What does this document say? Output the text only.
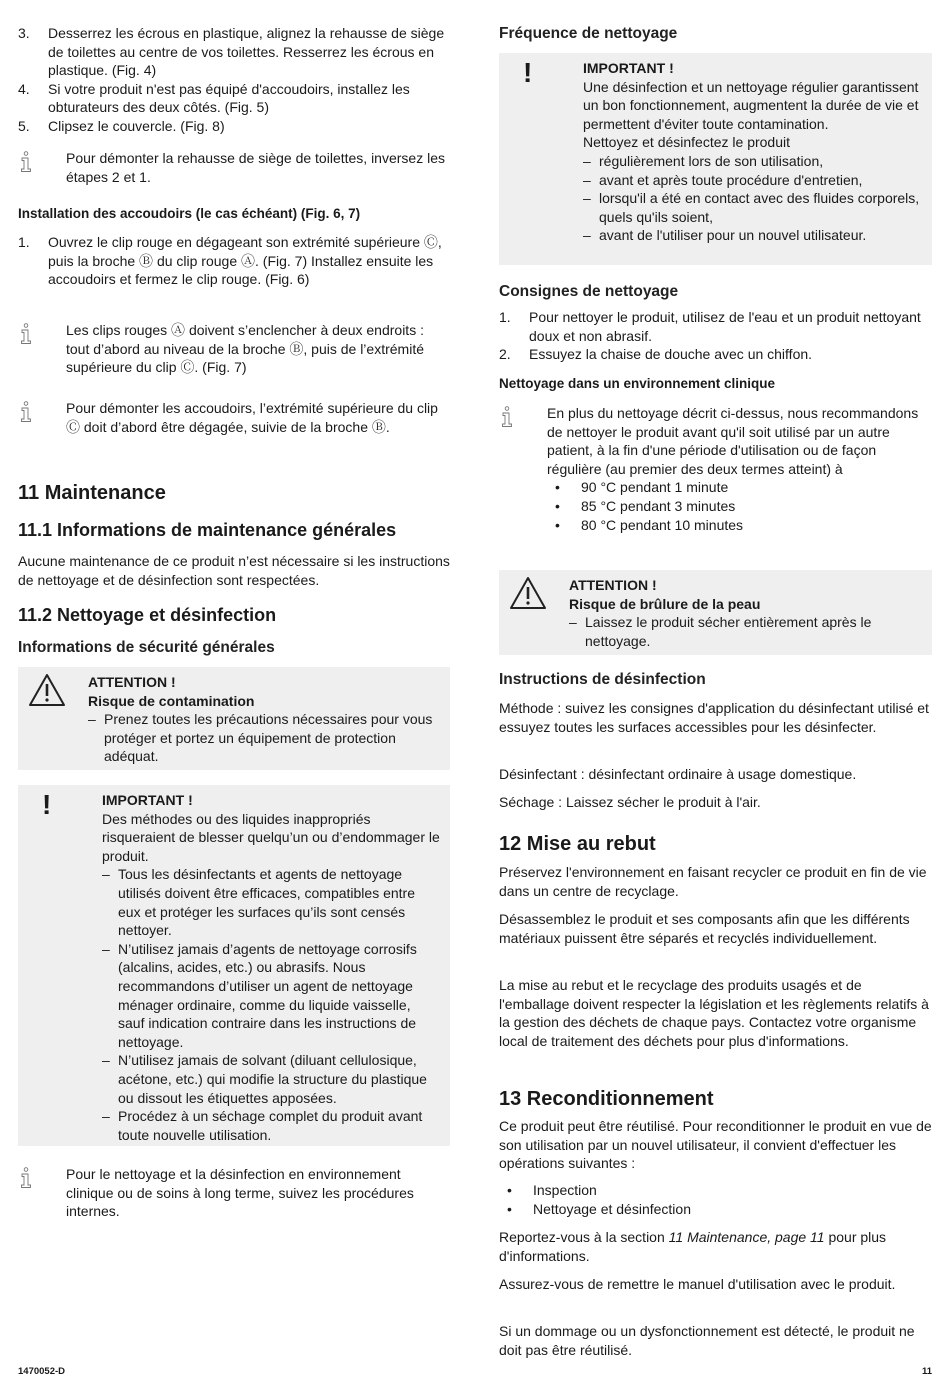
3.	Desserrez les écrous en plastique, alignez la rehausse de siège de toilettes au centre de vos toilettes. Resserrez les écrous en plastique. (Fig. 4)
4.	Si votre produit n'est pas équipé d'accoudoirs, installez les obturateurs des deux côtés. (Fig. 5)
5.	Clipsez le couvercle. (Fig. 8)
Pour démonter la rehausse de siège de toilettes, inversez les étapes 2 et 1.
Installation des accoudoirs (le cas échéant) (Fig. 6, 7)
1.	Ouvrez le clip rouge en dégageant son extrémité supérieure Ⓒ, puis la broche Ⓑ du clip rouge Ⓐ. (Fig. 7) Installez ensuite les accoudoirs et fermez le clip rouge. (Fig. 6)
Les clips rouges Ⓐ doivent s’enclencher à deux endroits : tout d’abord au niveau de la broche Ⓑ, puis de l’extrémité supérieure du clip Ⓒ. (Fig. 7)
Pour démonter les accoudoirs, l’extrémité supérieure du clip Ⓒ doit d’abord être dégagée, suivie de la broche Ⓑ.
11 Maintenance
11.1 Informations de maintenance générales

Aucune maintenance de ce produit n’est nécessaire si les instructions de nettoyage et de désinfection sont respectées.

11.2 Nettoyage et désinfection
Informations de sécurité générales
ATTENTION !
Risque de contamination
– Prenez toutes les précautions nécessaires pour vous protéger et portez un équipement de protection adéquat.
!	IMPORTANT !
Des méthodes ou des liquides inappropriés risqueraient de blesser quelqu’un ou d’endommager le produit.
– Tous les désinfectants et agents de nettoyage utilisés doivent être efficaces, compatibles entre eux et protéger les surfaces qu’ils sont censés nettoyer.
– N’utilisez jamais d’agents de nettoyage corrosifs (alcalins, acides, etc.) ou abrasifs. Nous recommandons d’utiliser un agent de nettoyage ménager ordinaire, comme du liquide vaisselle, sauf indication contraire dans les instructions de nettoyage.
– N’utilisez jamais de solvant (diluant cellulosique, acétone, etc.) qui modifie la structure du plastique ou dissout les étiquettes apposées.
– Procédez à un séchage complet du produit avant toute nouvelle utilisation.
Pour le nettoyage et la désinfection en environnement clinique ou de soins à long terme, suivez les procédures internes.
Fréquence de nettoyage
!	IMPORTANT !
Une désinfection et un nettoyage régulier garantissent un bon fonctionnement, augmentent la durée de vie et permettent d'éviter toute contamination.
Nettoyez et désinfectez le produit
– régulièrement lors de son utilisation,
– avant et après toute procédure d'entretien,
– lorsqu'il a été en contact avec des fluides corporels, quels qu'ils soient,
– avant de l'utiliser pour un nouvel utilisateur.
Consignes de nettoyage
1.	Pour nettoyer le produit, utilisez de l'eau et un produit nettoyant doux et non abrasif.
2.	Essuyez la chaise de douche avec un chiffon.
Nettoyage dans un environnement clinique
En plus du nettoyage décrit ci-dessus, nous recommandons de nettoyer le produit avant qu'il soit utilisé par un autre patient, à la fin d'une période d'utilisation ou de façon régulière (au premier des deux termes atteint) à
•	90 °C pendant 1 minute
•	85 °C pendant 3 minutes
•	80 °C pendant 10 minutes
ATTENTION !
Risque de brûlure de la peau
– Laissez le produit sécher entièrement après le nettoyage.
Instructions de désinfection

Méthode : suivez les consignes d'application du désinfectant utilisé et essuyez toutes les surfaces accessibles pour les désinfecter.

Désinfectant : désinfectant ordinaire à usage domestique.

Séchage : Laissez sécher le produit à l'air.

12 Mise au rebut

Préservez l'environnement en faisant recycler ce produit en fin de vie dans un centre de recyclage.

Désassemblez le produit et ses composants afin que les différents matériaux puissent être séparés et recyclés individuellement.

La mise au rebut et le recyclage des produits usagés et de l'emballage doivent respecter la législation et les règlements relatifs à la gestion des déchets de chaque pays. Contactez votre organisme local de traitement des déchets pour plus d'informations.

13 Reconditionnement

Ce produit peut être réutilisé. Pour reconditionner le produit en vue de son utilisation par un nouvel utilisateur, il convient d'effectuer les opérations suivantes :

•	Inspection
•	Nettoyage et désinfection

Reportez-vous à la section 11 Maintenance, page 11 pour plus d'informations.

Assurez-vous de remettre le manuel d'utilisation avec le produit.

Si un dommage ou un dysfonctionnement est détecté, le produit ne doit pas être réutilisé.

1470052-D	11
